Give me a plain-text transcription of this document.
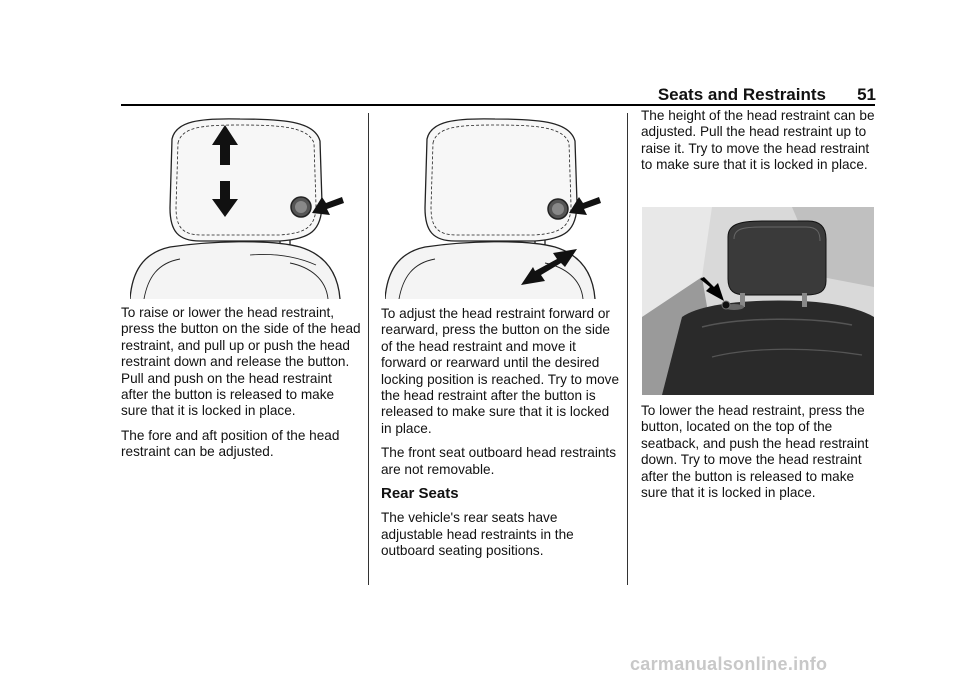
Seats and Restraints	51

To raise or lower the head restraint, press the button on the side of the head restraint, and pull up or push the head restraint down and release the button. Pull and push on the head restraint after the button is released to make sure that it is locked in place.

The fore and aft position of the head restraint can be adjusted.

To adjust the head restraint forward or rearward, press the button on the side of the head restraint and move it forward or rearward until the desired locking position is reached. Try to move the head restraint after the button is released to make sure that it is locked in place.

The front seat outboard head restraints are not removable.

Rear Seats

The vehicle's rear seats have adjustable head restraints in the outboard seating positions.

The height of the head restraint can be adjusted. Pull the head restraint up to raise it. Try to move the head restraint to make sure that it is locked in place.

To lower the head restraint, press the button, located on the top of the seatback, and push the head restraint down. Try to move the head restraint after the button is released to make sure that it is locked in place.

carmanualsonline.info
